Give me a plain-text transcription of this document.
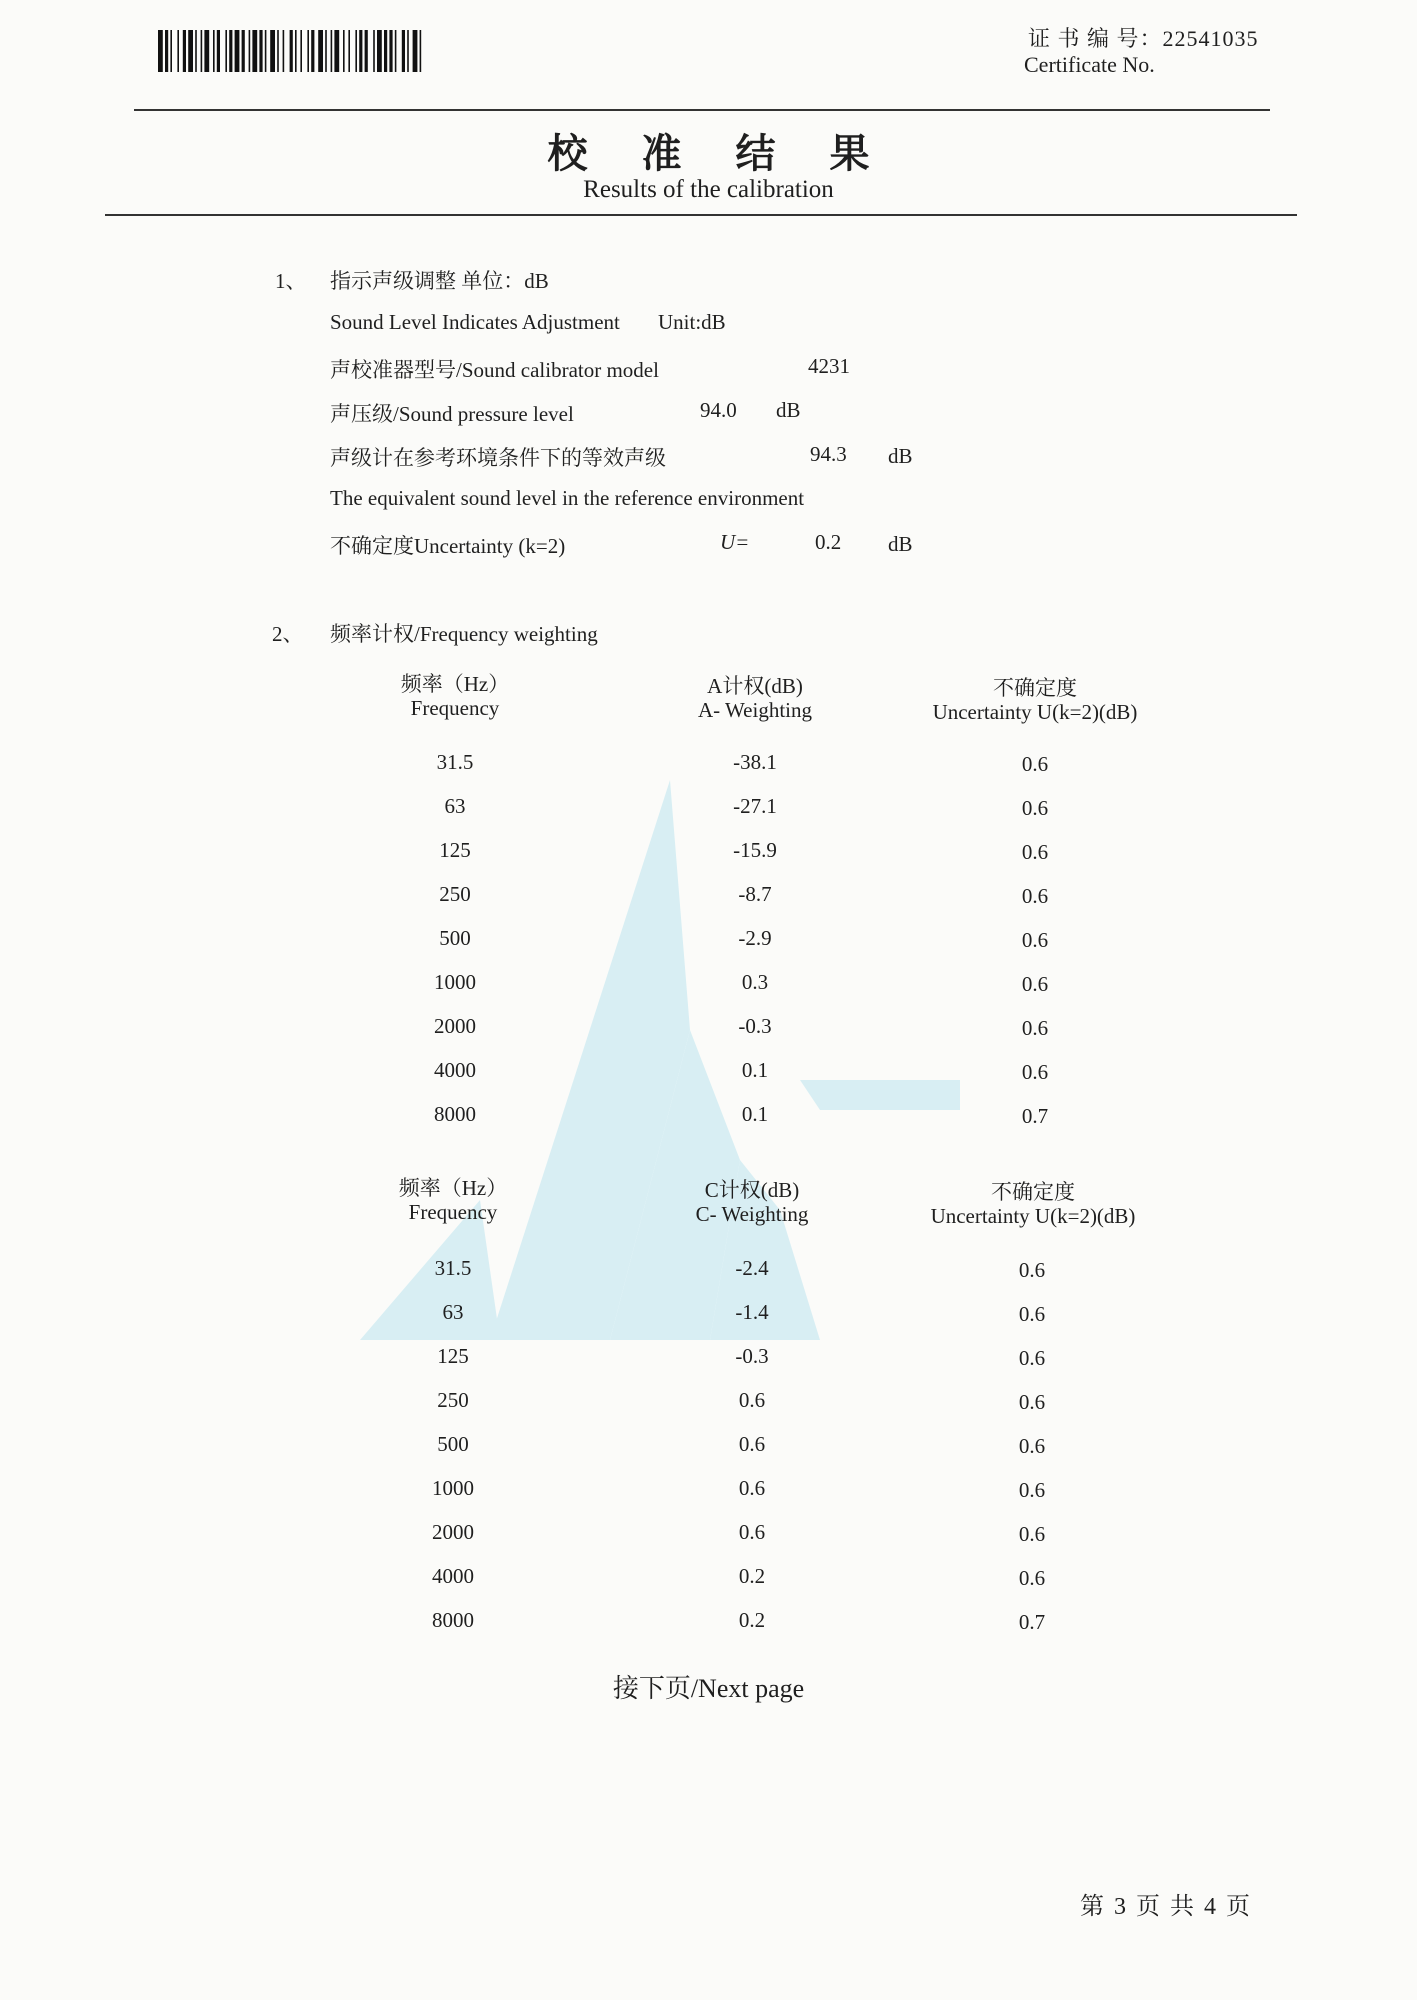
证 书 编 号：22541035
Certificate No.
校 准 结 果
Results of the calibration
1、 指示声级调整 单位：dB
Sound Level Indicates Adjustment Unit:dB
声校准器型号/Sound calibrator model	4231
声压级/Sound pressure level	94.0 dB
声级计在参考环境条件下的等效声级	94.3 dB
The equivalent sound level in the reference environment
不确定度Uncertainty (k=2)	U=	0.2 dB
2、 频率计权/Frequency weighting
频率（Hz）
Frequency
A计权(dB)
A- Weighting
不确定度
Uncertainty U(k=2)(dB)
31.5	-38.1	0.6
63	-27.1	0.6
125	-15.9	0.6
250	-8.7	0.6
500	-2.9	0.6
1000	0.3	0.6
2000	-0.3	0.6
4000	0.1	0.6
8000	0.1	0.7
频率（Hz）
Frequency
C计权(dB)
C- Weighting
不确定度
Uncertainty U(k=2)(dB)
31.5	-2.4	0.6
63	-1.4	0.6
125	-0.3	0.6
250	0.6	0.6
500	0.6	0.6
1000	0.6	0.6
2000	0.6	0.6
4000	0.2	0.6
8000	0.2	0.7
接下页/Next page
第 3 页 共 4 页
